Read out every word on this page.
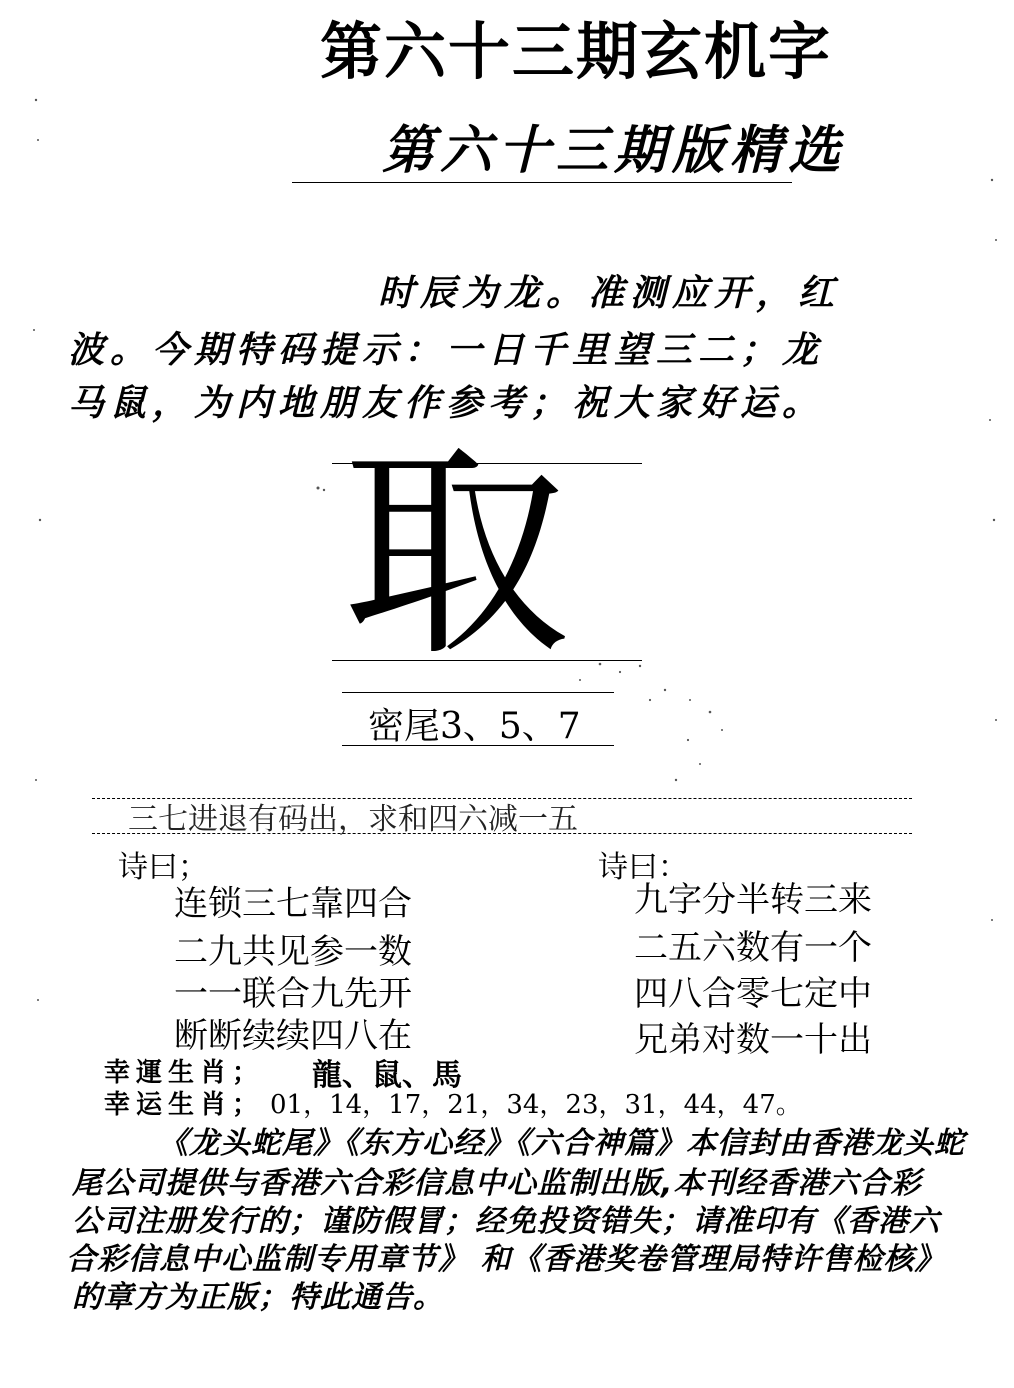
第六十三期玄机字
第六十三期版精选
时辰为龙。准测应开，红
波。今期特码提示：一日千里望三二；龙
马鼠，为内地朋友作参考；祝大家好运。
取
密尾3、5、7
三七进退有码出，求和四六减一五
诗曰；
连锁三七靠四合
二九共见参一数
一一联合九先开
断断续续四八在
诗曰：
九字分半转三来
二五六数有一个
四八合零七定中
兄弟对数一十出
幸運生肖； 龍、鼠、馬
幸运生肖； 01，14，17，21，34，23，31，44，47。
《龙头蛇尾》《东方心经》《六合神篇》本信封由香港龙头蛇
尾公司提供与香港六合彩信息中心监制出版,本刊经香港六合彩
公司注册发行的；谨防假冒；经免投资错失；请准印有《香港六
合彩信息中心监制专用章节》 和《香港奖卷管理局特许售检核》
的章方为正版；特此通告。
